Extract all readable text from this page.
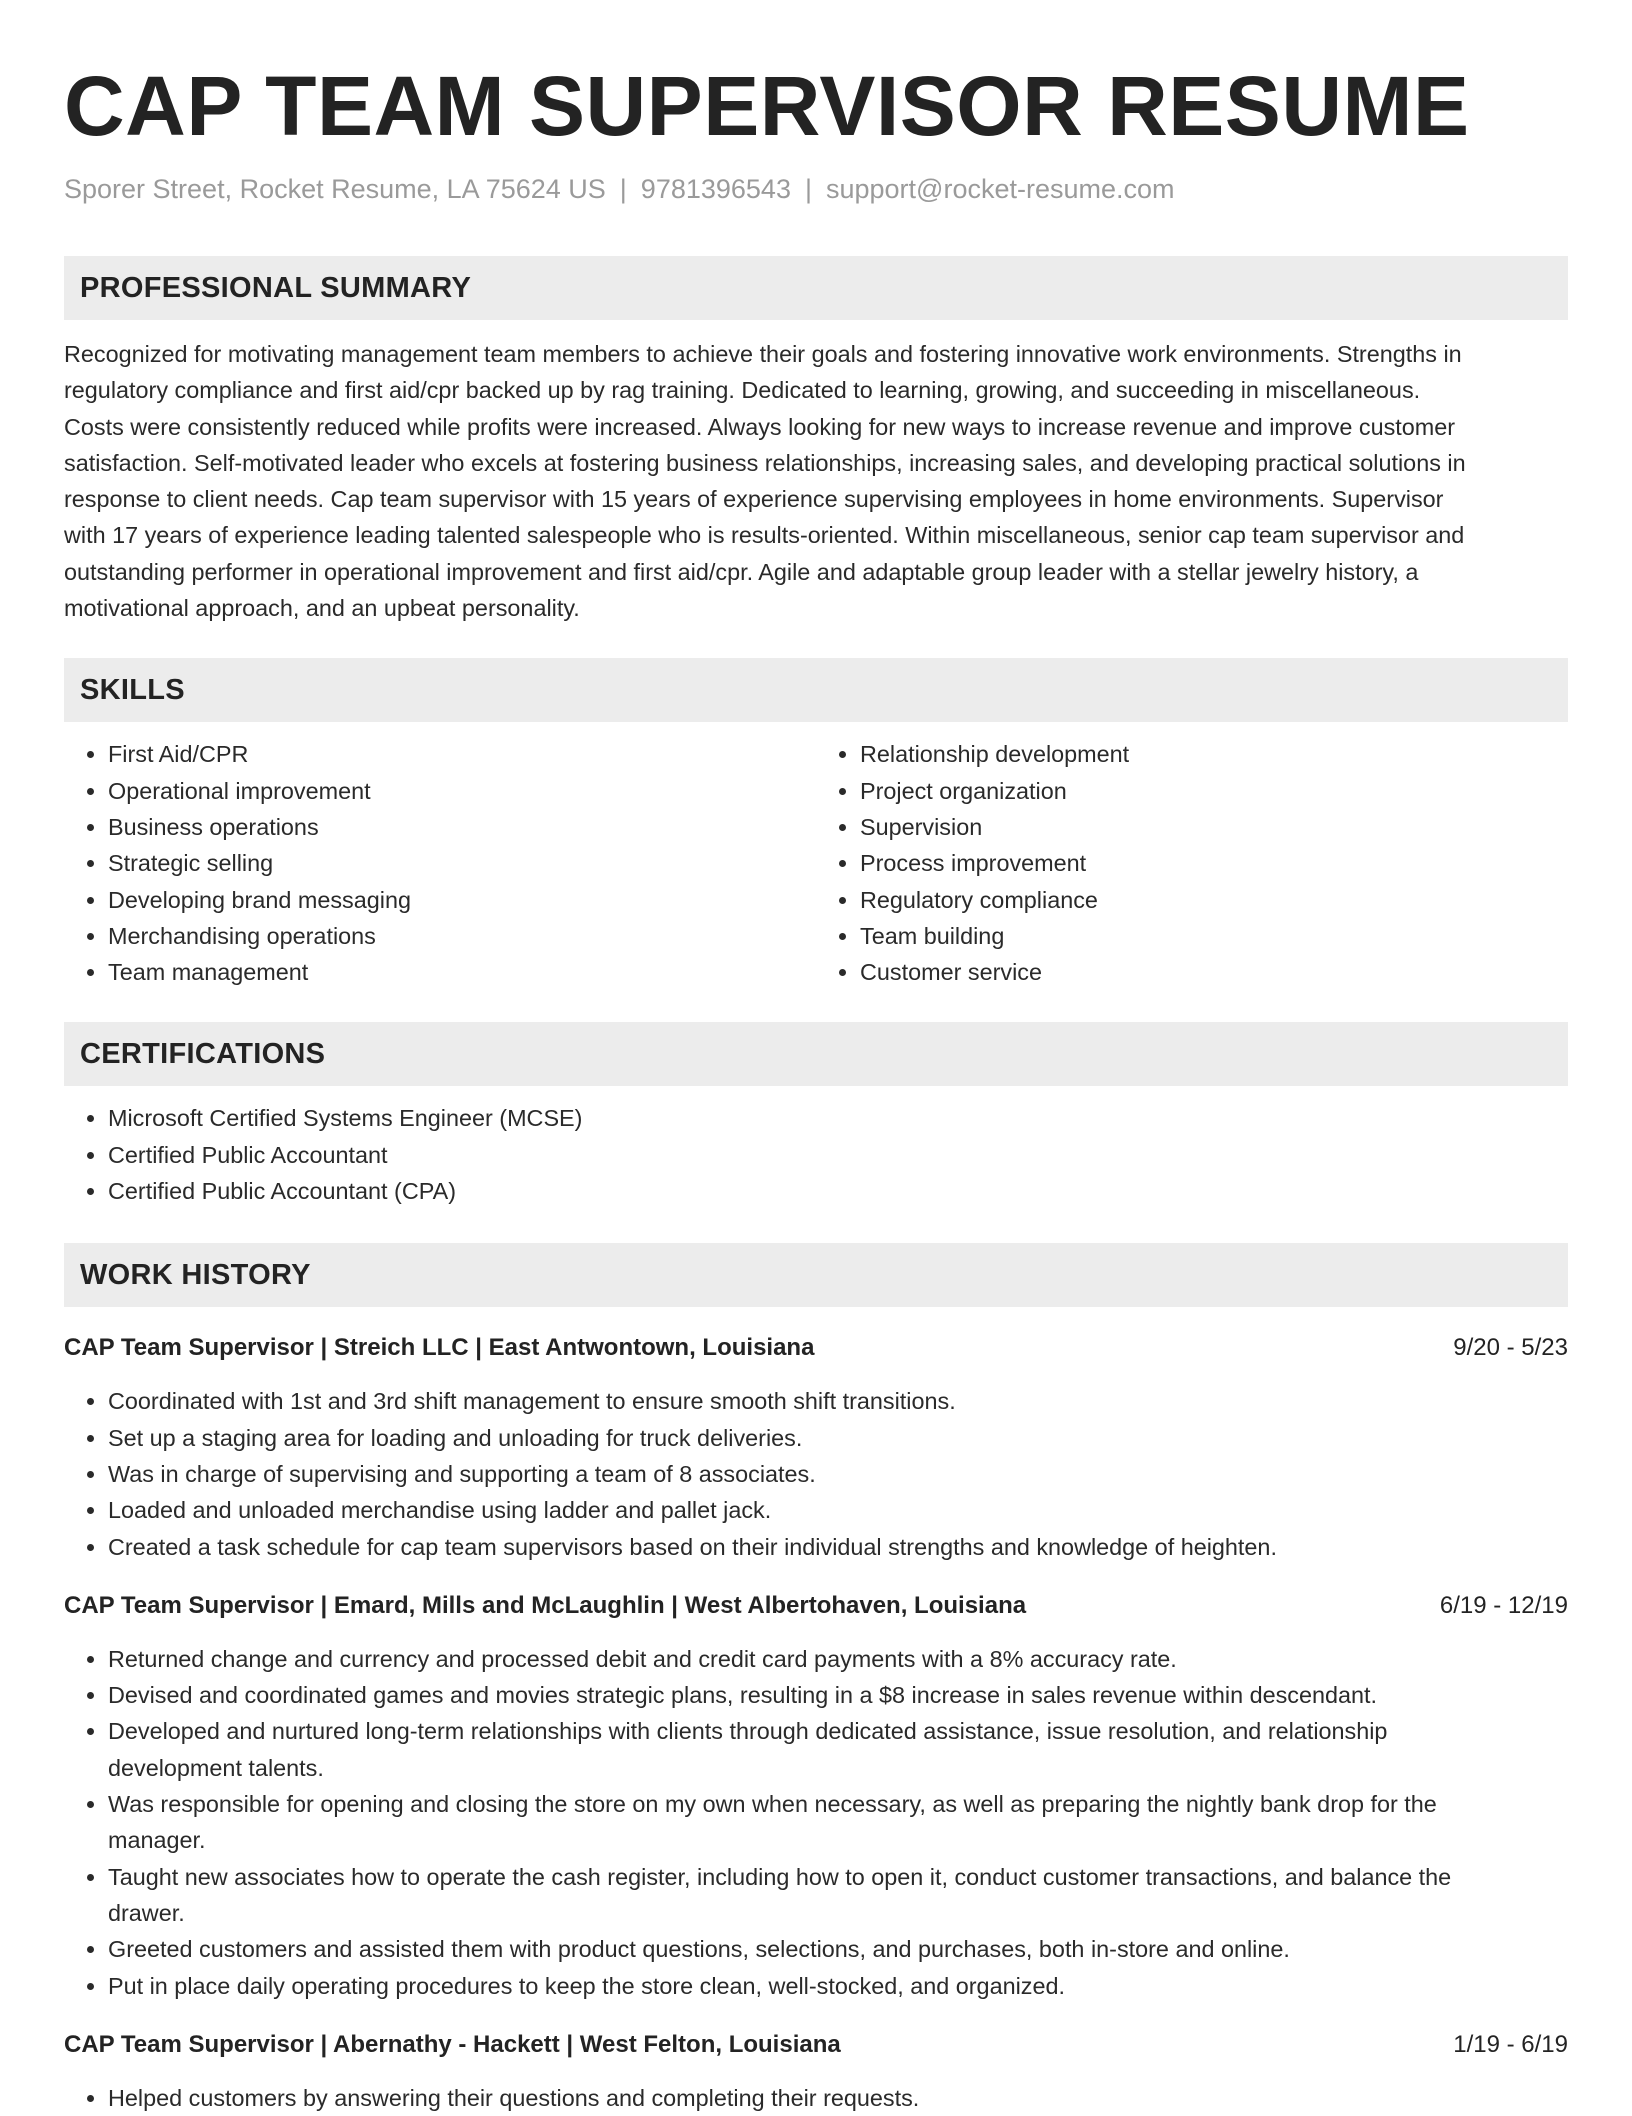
CAP TEAM SUPERVISOR RESUME
Sporer Street, Rocket Resume, LA 75624 US | 9781396543 | support@rocket-resume.com
PROFESSIONAL SUMMARY

Recognized for motivating management team members to achieve their goals and fostering innovative work environments. Strengths in
regulatory compliance and first aid/cpr backed up by rag training. Dedicated to learning, growing, and succeeding in miscellaneous.
Costs were consistently reduced while profits were increased. Always looking for new ways to increase revenue and improve customer
satisfaction. Self-motivated leader who excels at fostering business relationships, increasing sales, and developing practical solutions in
response to client needs. Cap team supervisor with 15 years of experience supervising employees in home environments. Supervisor
with 17 years of experience leading talented salespeople who is results-oriented. Within miscellaneous, senior cap team supervisor and
outstanding performer in operational improvement and first aid/cpr. Agile and adaptable group leader with a stellar jewelry history, a
motivational approach, and an upbeat personality.

SKILLS
• First Aid/CPR
• Operational improvement
• Business operations
• Strategic selling
• Developing brand messaging
• Merchandising operations
• Team management
• Relationship development
• Project organization
• Supervision
• Process improvement
• Regulatory compliance
• Team building
• Customer service
CERTIFICATIONS
• Microsoft Certified Systems Engineer (MCSE)
• Certified Public Accountant
• Certified Public Accountant (CPA)
WORK HISTORY
CAP Team Supervisor | Streich LLC | East Antwontown, Louisiana	9/20 - 5/23
• Coordinated with 1st and 3rd shift management to ensure smooth shift transitions.
• Set up a staging area for loading and unloading for truck deliveries.
• Was in charge of supervising and supporting a team of 8 associates.
• Loaded and unloaded merchandise using ladder and pallet jack.
• Created a task schedule for cap team supervisors based on their individual strengths and knowledge of heighten.
CAP Team Supervisor | Emard, Mills and McLaughlin | West Albertohaven, Louisiana	6/19 - 12/19
• Returned change and currency and processed debit and credit card payments with a 8% accuracy rate.
• Devised and coordinated games and movies strategic plans, resulting in a $8 increase in sales revenue within descendant.
• Developed and nurtured long-term relationships with clients through dedicated assistance, issue resolution, and relationship
development talents.
• Was responsible for opening and closing the store on my own when necessary, as well as preparing the nightly bank drop for the
manager.
• Taught new associates how to operate the cash register, including how to open it, conduct customer transactions, and balance the
drawer.
• Greeted customers and assisted them with product questions, selections, and purchases, both in-store and online.
• Put in place daily operating procedures to keep the store clean, well-stocked, and organized.
CAP Team Supervisor | Abernathy - Hackett | West Felton, Louisiana	1/19 - 6/19
• Helped customers by answering their questions and completing their requests.
